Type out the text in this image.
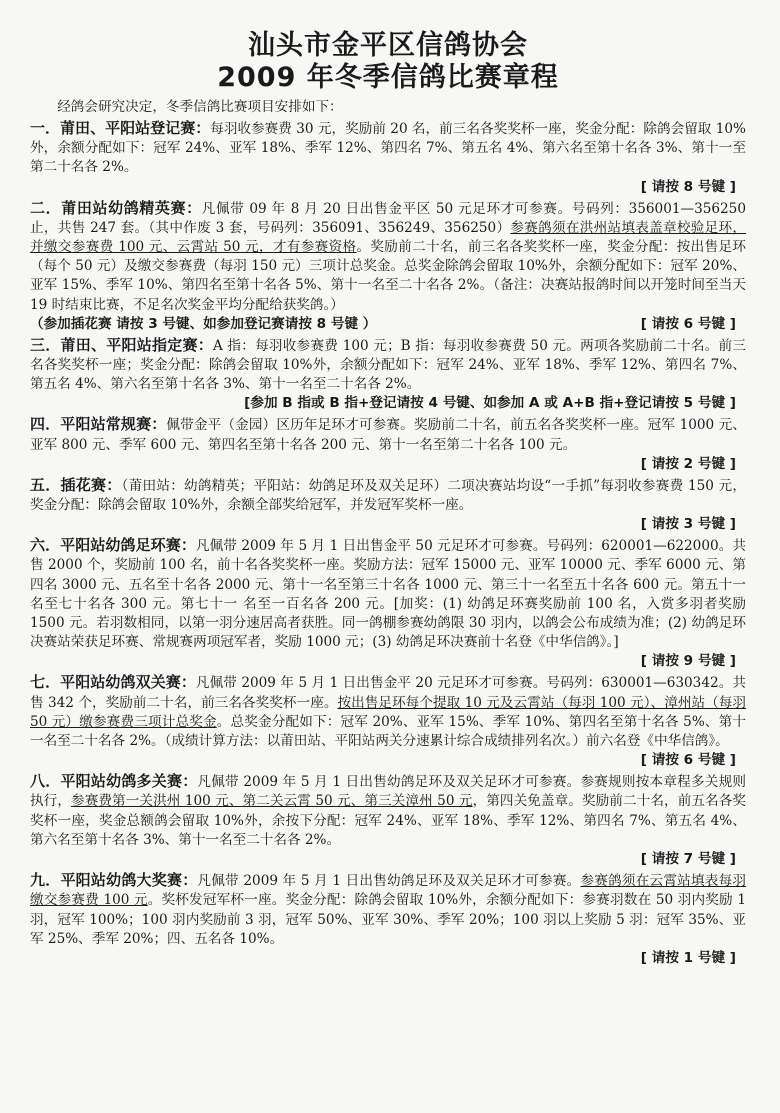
汕头市金平区信鸽协会
2009 年冬季信鸽比赛章程
经鸽会研究决定，冬季信鸽比赛项目安排如下：
一．莆田、平阳站登记赛：每羽收参赛费 30 元，奖励前 20 名，前三名各奖奖杯一座，奖金分配：除鸽会留取 10%外，余额分配如下：冠军 24%、亚军 18%、季军 12%、第四名 7%、第五名 4%、第六名至第十名各 3%、第十一至第二十名各 2%。
[ 请按 8 号键 ]
二．莆田站幼鸽精英赛：凡佩带 09 年 8 月 20 日出售金平区 50 元足环才可参赛。号码列：356001—356250 止，共售 247 套。（其中作废 3 套，号码列：356091、356249、356250）参赛鸽须在洪州站填表盖章校验足环，并缴交参赛费 100 元、云霄站 50 元，才有参赛资格。奖励前二十名，前三名各奖奖杯一座，奖金分配：按出售足环（每个 50 元）及缴交参赛费（每羽 150 元）三项计总奖金。总奖金除鸽会留取 10%外，余额分配如下：冠军 20%、亚军 15%、季军 10%、第四名至第十名各 5%、第十一名至二十名各 2%。（备注：决赛站报鸽时间以开笼时间至当天 19 时结束比赛，不足名次奖金平均分配给获奖鸽。）
（参加插花赛 请按 3 号键、如参加登记赛请按 8 号键 ）	[ 请按 6 号键 ]
三．莆田、平阳站指定赛：A 指：每羽收参赛费 100 元；B 指：每羽收参赛费 50 元。两项各奖励前二十名。前三名各奖奖杯一座；奖金分配：除鸽会留取 10%外，余额分配如下：冠军 24%、亚军 18%、季军 12%、第四名 7%、第五名 4%、第六名至第十名各 3%、第十一名至二十名各 2%。
[参加 B 指或 B 指+登记请按 4 号键、如参加 A 或 A+B 指+登记请按 5 号键 ]
四．平阳站常规赛：佩带金平（金园）区历年足环才可参赛。奖励前二十名，前五名各奖奖杯一座。冠军 1000 元、亚军 800 元、季军 600 元、第四名至第十名各 200 元、第十一名至第二十名各 100 元。
[ 请按 2 号键 ]
五．插花赛：（莆田站：幼鸽精英；平阳站：幼鸽足环及双关足环）二项决赛站均设“一手抓”每羽收参赛费 150 元，奖金分配：除鸽会留取 10%外，余额全部奖给冠军，并发冠军奖杯一座。
[ 请按 3 号键 ]
六．平阳站幼鸽足环赛：凡佩带 2009 年 5 月 1 日出售金平 50 元足环才可参赛。号码列：620001—622000。共售 2000 个，奖励前 100 名，前十名各奖奖杯一座。奖励方法：冠军 15000 元、亚军 10000 元、季军 6000 元、第四名 3000 元、五名至十名各 2000 元、第十一名至第三十名各 1000 元、第三十一名至五十名各 600 元。第五十一 名至七十名各 300 元。第七十一 名至一百名各 200 元。[加奖：(1) 幼鸽足环赛奖励前 100 名，入赏多羽者奖励 1500 元。若羽数相同，以第一羽分速居高者获胜。同一鸽棚参赛幼鸽限 30 羽内，以鸽会公布成绩为准；(2) 幼鸽足环决赛站荣获足环赛、常规赛两项冠军者，奖励 1000 元；(3) 幼鸽足环决赛前十名登《中华信鸽》。]
[ 请按 9 号键 ]
七．平阳站幼鸽双关赛：凡佩带 2009 年 5 月 1 日出售金平 20 元足环才可参赛。号码列：630001—630342。共售 342 个，奖励前二十名，前三名各奖奖杯一座。按出售足环每个提取 10 元及云霄站（每羽 100 元）、漳州站（每羽 50 元）缴参赛费三项计总奖金。总奖金分配如下：冠军 20%、亚军 15%、季军 10%、第四名至第十名各 5%、第十一名至二十名各 2%。（成绩计算方法：以莆田站、平阳站两关分速累计综合成绩排列名次。）前六名登《中华信鸽》。
[ 请按 6 号键 ]
八．平阳站幼鸽多关赛：凡佩带 2009 年 5 月 1 日出售幼鸽足环及双关足环才可参赛。参赛规则按本章程多关规则执行，参赛费第一关洪州 100 元、第二关云霄 50 元、第三关漳州 50 元，第四关免盖章。奖励前二十名，前五名各奖奖杯一座，奖金总额鸽会留取 10%外，余按下分配：冠军 24%、亚军 18%、季军 12%、第四名 7%、第五名 4%、第六名至第十名各 3%、第十一名至二十名各 2%。
[ 请按 7 号键 ]
九．平阳站幼鸽大奖赛：凡佩带 2009 年 5 月 1 日出售幼鸽足环及双关足环才可参赛。参赛鸽须在云霄站填表每羽缴交参赛费 100 元。奖杯发冠军杯一座。奖金分配：除鸽会留取 10%外，余额分配如下：参赛羽数在 50 羽内奖励 1 羽，冠军 100%；100 羽内奖励前 3 羽，冠军 50%、亚军 30%、季军 20%；100 羽以上奖励 5 羽：冠军 35%、亚军 25%、季军 20%；四、五名各 10%。
[ 请按 1 号键 ]
